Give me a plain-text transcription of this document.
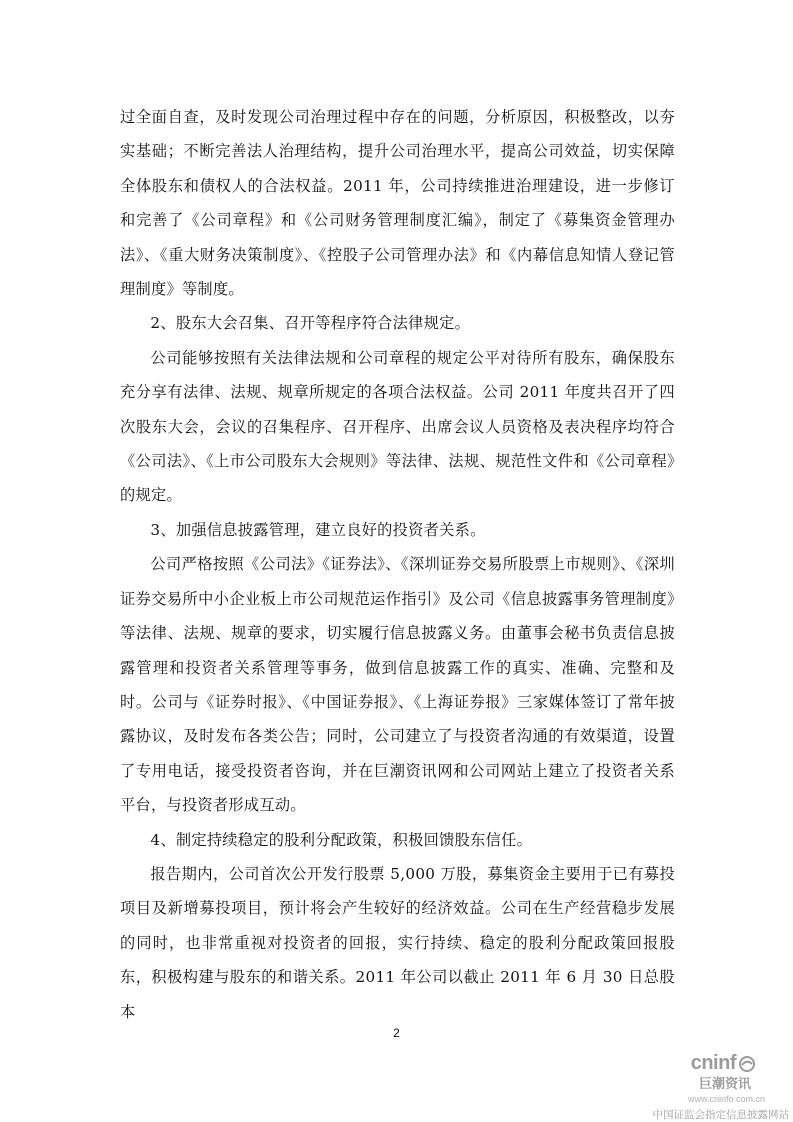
过全面自查，及时发现公司治理过程中存在的问题，分析原因，积极整改，以夯实基础；不断完善法人治理结构，提升公司治理水平，提高公司效益，切实保障全体股东和债权人的合法权益。2011 年，公司持续推进治理建设，进一步修订和完善了《公司章程》和《公司财务管理制度汇编》，制定了《募集资金管理办法》、《重大财务决策制度》、《控股子公司管理办法》和《内幕信息知情人登记管理制度》等制度。

2、股东大会召集、召开等程序符合法律规定。

公司能够按照有关法律法规和公司章程的规定公平对待所有股东，确保股东充分享有法律、法规、规章所规定的各项合法权益。公司 2011 年度共召开了四次股东大会，会议的召集程序、召开程序、出席会议人员资格及表决程序均符合《公司法》、《上市公司股东大会规则》等法律、法规、规范性文件和《公司章程》的规定。

3、加强信息披露管理，建立良好的投资者关系。

公司严格按照《公司法》《证券法》、《深圳证券交易所股票上市规则》、《深圳证券交易所中小企业板上市公司规范运作指引》及公司《信息披露事务管理制度》等法律、法规、规章的要求，切实履行信息披露义务。由董事会秘书负责信息披露管理和投资者关系管理等事务，做到信息披露工作的真实、准确、完整和及时。公司与《证券时报》、《中国证券报》、《上海证券报》三家媒体签订了常年披露协议，及时发布各类公告；同时，公司建立了与投资者沟通的有效渠道，设置了专用电话，接受投资者咨询，并在巨潮资讯网和公司网站上建立了投资者关系平台，与投资者形成互动。

4、制定持续稳定的股利分配政策，积极回馈股东信任。

报告期内，公司首次公开发行股票 5,000 万股，募集资金主要用于已有募投项目及新增募投项目，预计将会产生较好的经济效益。公司在生产经营稳步发展的同时，也非常重视对投资者的回报，实行持续、稳定的股利分配政策回报股东，积极构建与股东的和谐关系。2011 年公司以截止 2011 年 6 月 30 日总股本

2
cninf
巨潮资讯
www.cninfo.com.cn
中国证监会指定信息披露网站
